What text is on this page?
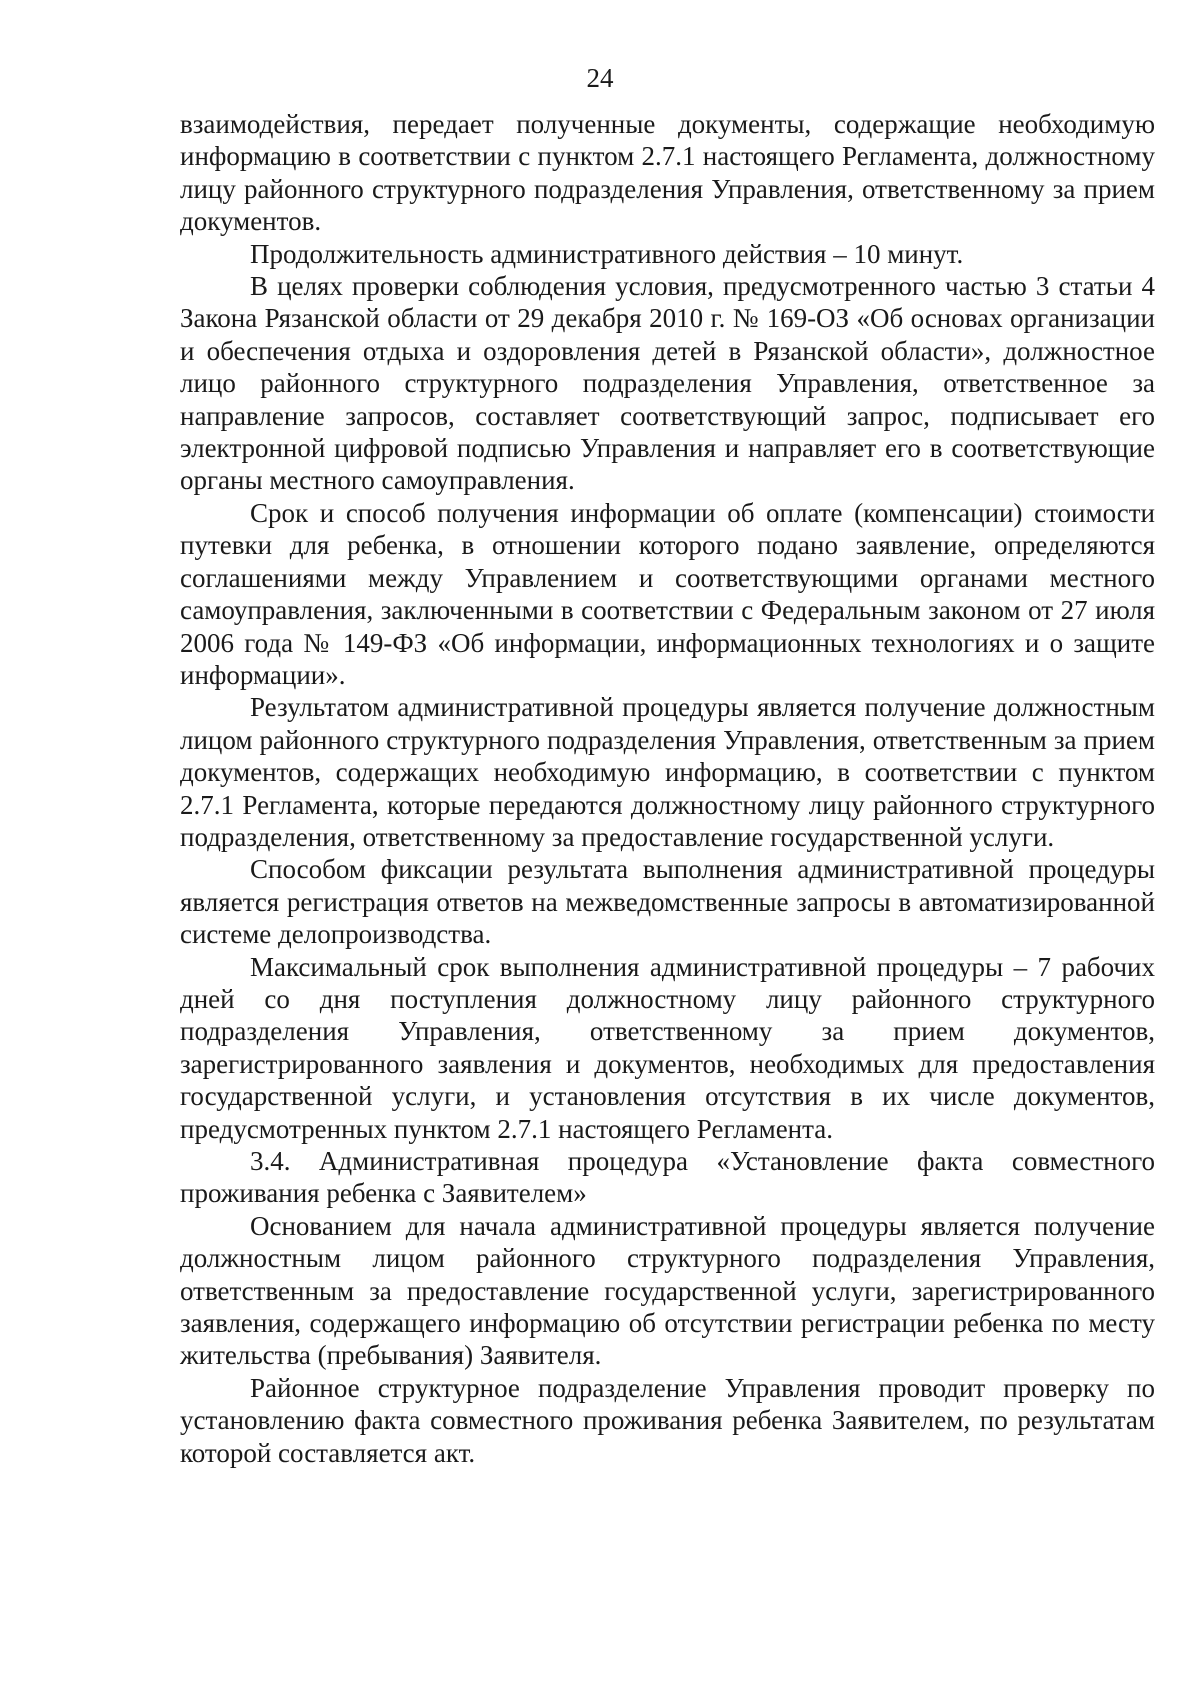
24

взаимодействия, передает полученные документы, содержащие необходимую информацию в соответствии с пунктом 2.7.1 настоящего Регламента, должностному лицу районного структурного подразделения Управления, ответственному за прием документов.

Продолжительность административного действия – 10 минут.

В целях проверки соблюдения условия, предусмотренного частью 3 статьи 4 Закона Рязанской области от 29 декабря 2010 г. № 169-ОЗ «Об основах организации и обеспечения отдыха и оздоровления детей в Рязанской области», должностное лицо районного структурного подразделения Управления, ответственное за направление запросов, составляет соответствующий запрос, подписывает его электронной цифровой подписью Управления и направляет его в соответствующие органы местного самоуправления.

Срок и способ получения информации об оплате (компенсации) стоимости путевки для ребенка, в отношении которого подано заявление, определяются соглашениями между Управлением и соответствующими органами местного самоуправления, заключенными в соответствии с Федеральным законом от 27 июля 2006 года № 149-ФЗ «Об информации, информационных технологиях и о защите информации».

Результатом административной процедуры является получение должностным лицом районного структурного подразделения Управления, ответственным за прием документов, содержащих необходимую информацию, в соответствии с пунктом 2.7.1 Регламента, которые передаются должностному лицу районного структурного подразделения, ответственному за предоставление государственной услуги.

Способом фиксации результата выполнения административной процедуры является регистрация ответов на межведомственные запросы в автоматизированной системе делопроизводства.

Максимальный срок выполнения административной процедуры – 7 рабочих дней со дня поступления должностному лицу районного структурного подразделения Управления, ответственному за прием документов, зарегистрированного заявления и документов, необходимых для предоставления государственной услуги, и установления отсутствия в их числе документов, предусмотренных пунктом 2.7.1 настоящего Регламента.

3.4. Административная процедура «Установление факта совместного проживания ребенка с Заявителем»

Основанием для начала административной процедуры является получение должностным лицом районного структурного подразделения Управления, ответственным за предоставление государственной услуги, зарегистрированного заявления, содержащего информацию об отсутствии регистрации ребенка по месту жительства (пребывания) Заявителя.

Районное структурное подразделение Управления проводит проверку по установлению факта совместного проживания ребенка Заявителем, по результатам которой составляется акт.
